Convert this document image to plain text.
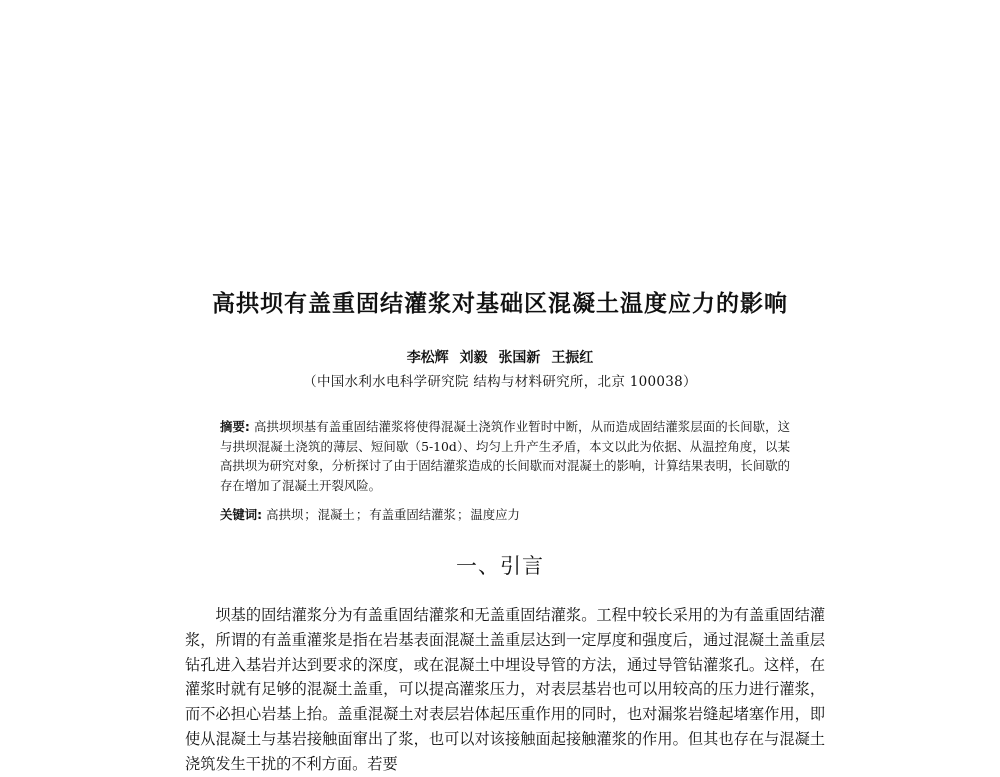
高拱坝有盖重固结灌浆对基础区混凝土温度应力的影响
李松辉 刘毅 张国新 王振红
（中国水利水电科学研究院 结构与材料研究所，北京 100038）
摘要: 高拱坝坝基有盖重固结灌浆将使得混凝土浇筑作业暂时中断，从而造成固结灌浆层面的长间歇，这与拱坝混凝土浇筑的薄层、短间歇（5-10d）、均匀上升产生矛盾，本文以此为依据、从温控角度，以某高拱坝为研究对象，分析探讨了由于固结灌浆造成的长间歇而对混凝土的影响，计算结果表明，长间歇的存在增加了混凝土开裂风险。
关键词: 高拱坝；混凝土；有盖重固结灌浆；温度应力
一、引言

坝基的固结灌浆分为有盖重固结灌浆和无盖重固结灌浆。工程中较长采用的为有盖重固结灌浆，所谓的有盖重灌浆是指在岩基表面混凝土盖重层达到一定厚度和强度后，通过混凝土盖重层钻孔进入基岩并达到要求的深度，或在混凝土中埋设导管的方法，通过导管钻灌浆孔。这样，在灌浆时就有足够的混凝土盖重，可以提高灌浆压力，对表层基岩也可以用较高的压力进行灌浆，而不必担心岩基上抬。盖重混凝土对表层岩体起压重作用的同时，也对漏浆岩缝起堵塞作用，即使从混凝土与基岩接触面窜出了浆，也可以对该接触面起接触灌浆的作用。但其也存在与混凝土浇筑发生干扰的不利方面。若要
